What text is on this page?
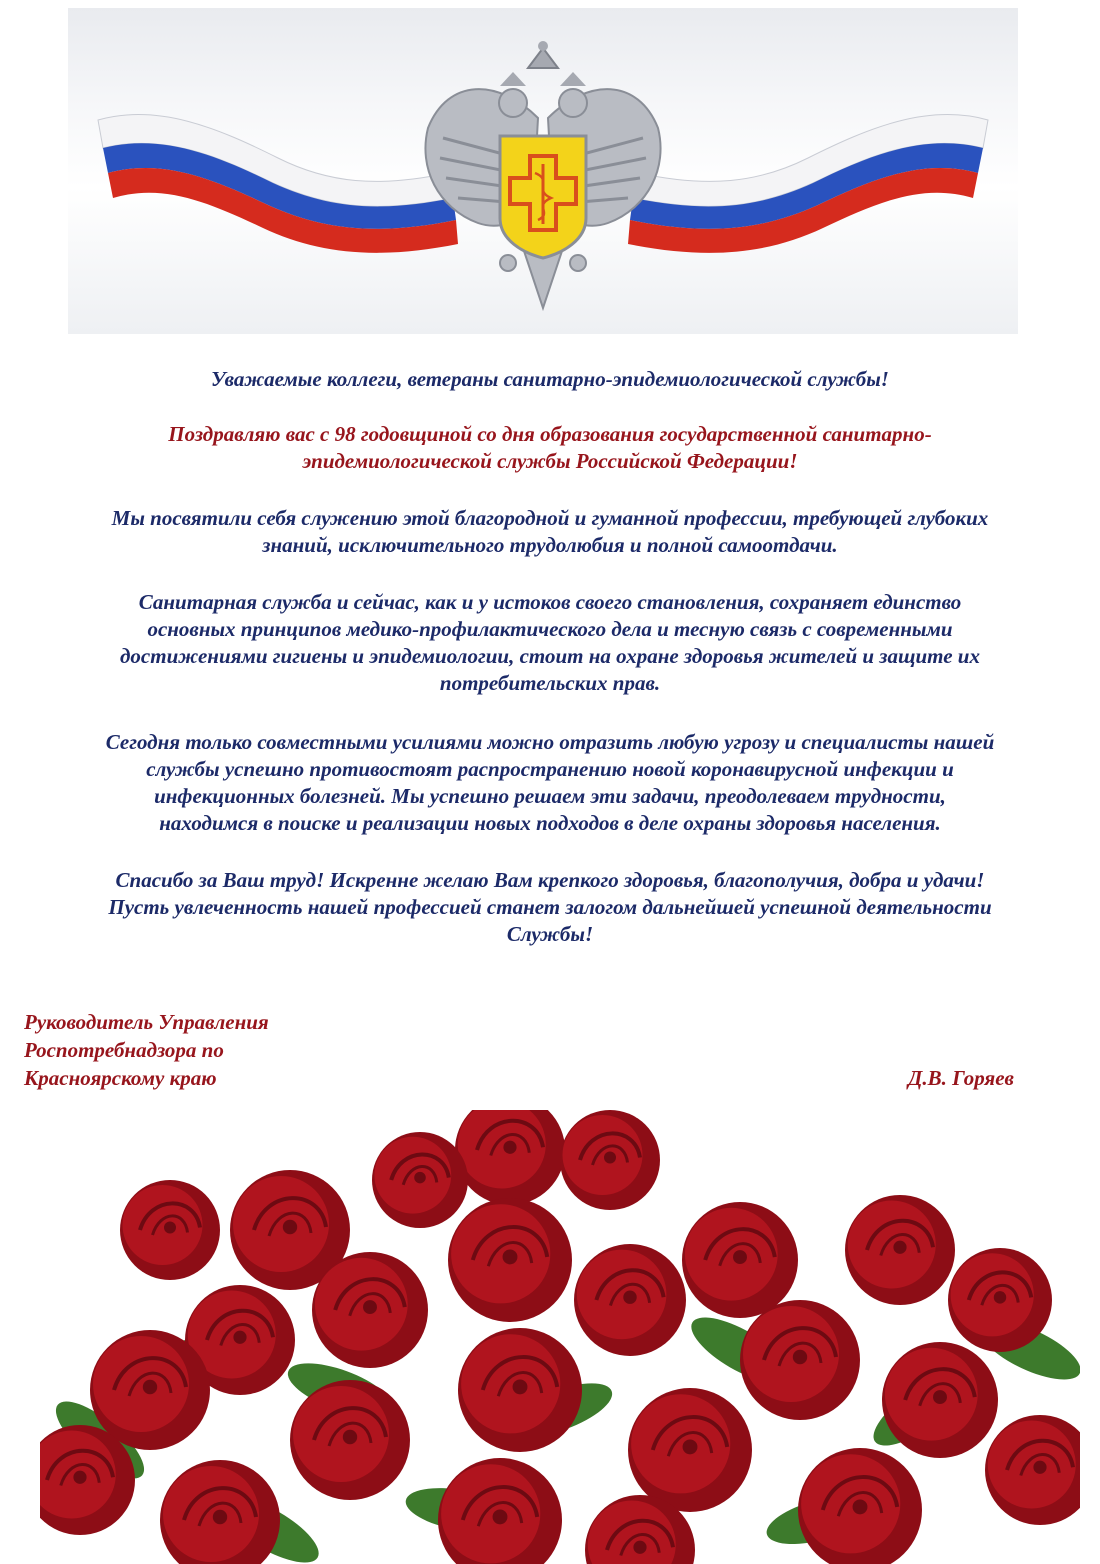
Уважаемые коллеги, ветераны санитарно-эпидемиологической службы!

Поздравляю вас с 98 годовщиной со дня образования государственной санитарно-

эпидемиологической службы Российской Федерации!

Мы посвятили себя служению этой благородной и гуманной профессии, требующей глубоких

знаний, исключительного трудолюбия и полной самоотдачи.

Санитарная служба и сейчас, как и у истоков своего становления, сохраняет единство

основных принципов медико-профилактического дела и тесную связь с современными

достижениями гигиены и эпидемиологии, стоит на охране здоровья жителей и защите их

потребительских прав.

Сегодня только совместными усилиями можно отразить любую угрозу и специалисты нашей

службы успешно противостоят распространению новой коронавирусной инфекции и

инфекционных болезней. Мы успешно решаем эти задачи, преодолеваем трудности,

находимся в поиске и реализации новых подходов в деле охраны здоровья населения.

Спасибо за Ваш труд! Искренне желаю Вам крепкого здоровья, благополучия, добра и удачи!

Пусть увлеченность нашей профессией станет залогом дальнейшей успешной деятельности

Службы!

Руководитель Управления
Роспотребнадзора по
Красноярскому краю	Д.В. Горяев
